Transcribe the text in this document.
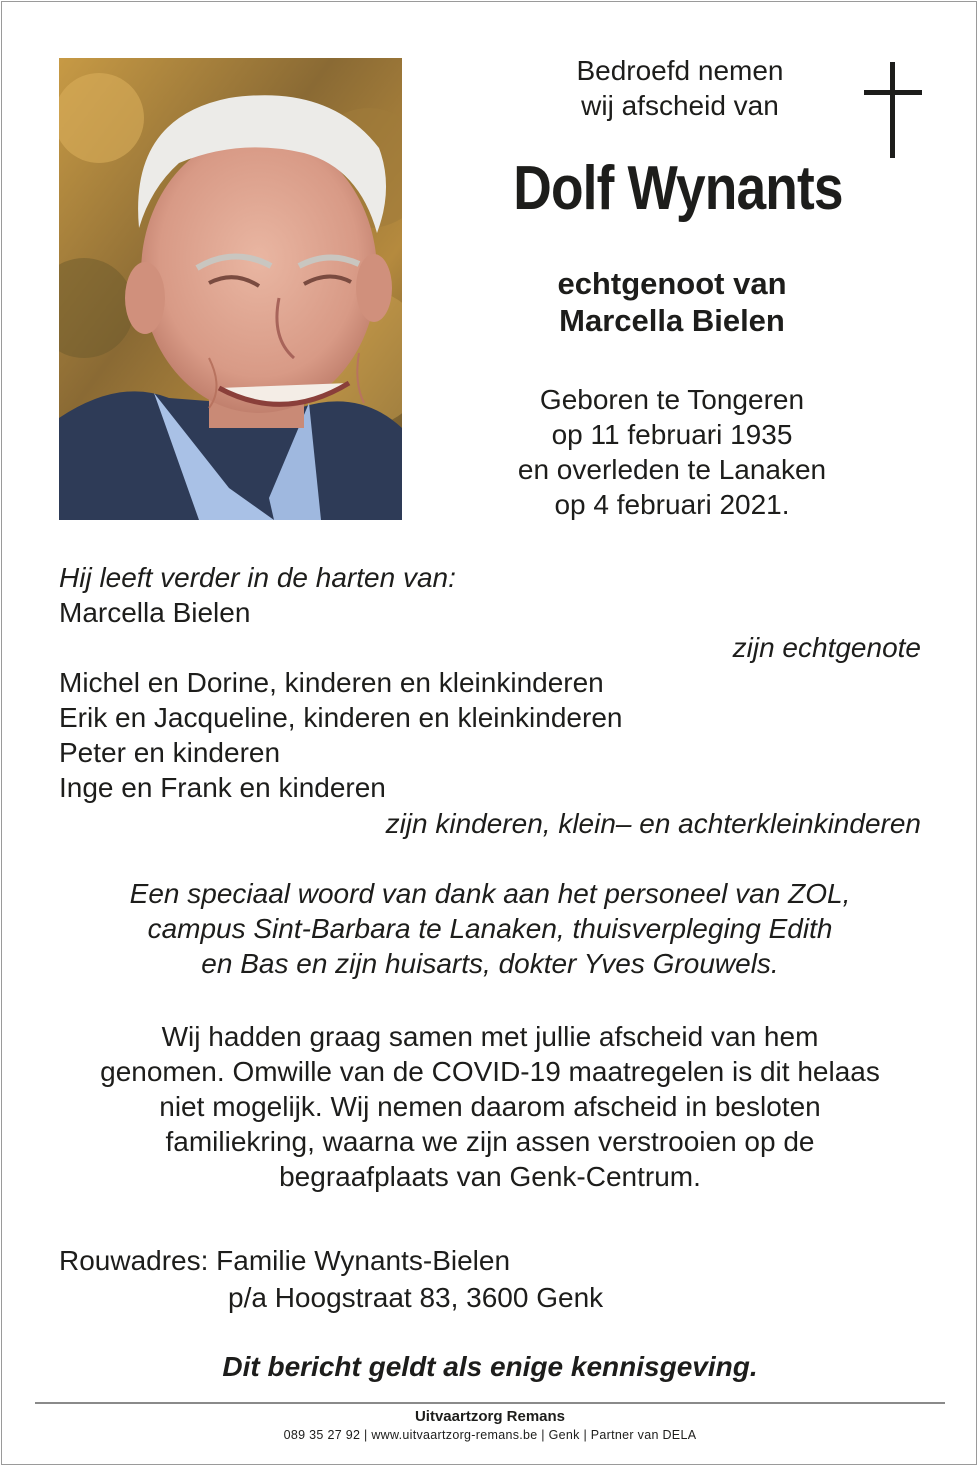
Bedroefd nemen
wij afscheid van
Dolf Wynants
echtgenoot van
Marcella Bielen
Geboren te Tongeren
op 11 februari 1935
en overleden te Lanaken
op 4 februari 2021.
Hij leeft verder in de harten van:
Marcella Bielen
zijn echtgenote
Michel en Dorine, kinderen en kleinkinderen
Erik en Jacqueline, kinderen en kleinkinderen
Peter en kinderen
Inge en Frank en kinderen
zijn kinderen, klein– en achterkleinkinderen
Een speciaal woord van dank aan het personeel van ZOL,
campus Sint-Barbara te Lanaken, thuisverpleging Edith
en Bas en zijn huisarts, dokter Yves Grouwels.
Wij hadden graag samen met jullie afscheid van hem
genomen. Omwille van de COVID-19 maatregelen is dit helaas
niet mogelijk. Wij nemen daarom afscheid in besloten
familiekring, waarna we zijn assen verstrooien op de
begraafplaats van Genk-Centrum.
Rouwadres: Familie Wynants-Bielen
p/a Hoogstraat 83, 3600 Genk
Dit bericht geldt als enige kennisgeving.
Uitvaartzorg Remans
089 35 27 92 | www.uitvaartzorg-remans.be | Genk | Partner van DELA
